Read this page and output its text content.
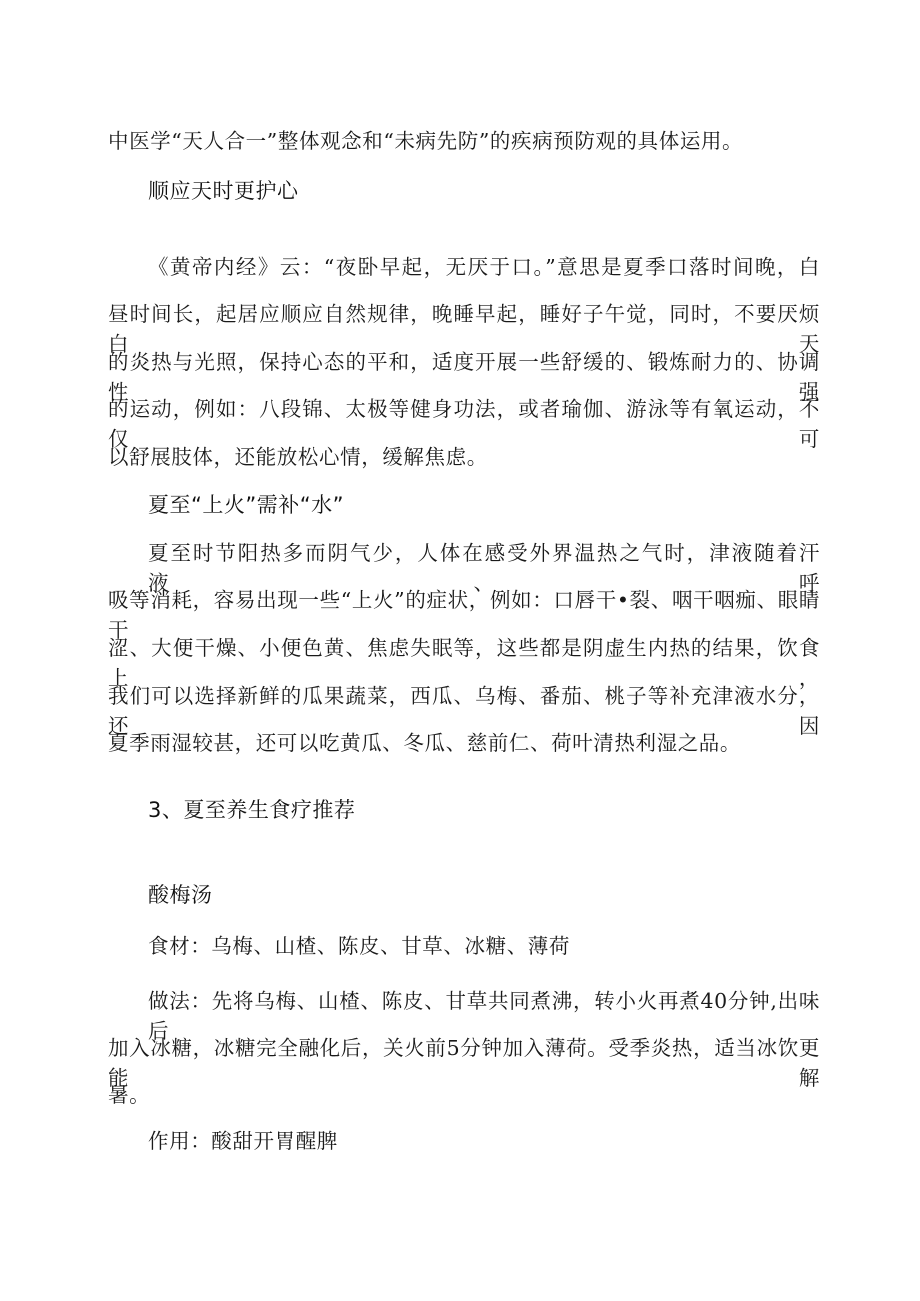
中医学“天人合一”整体观念和“未病先防”的疾病预防观的具体运用。
顺应天时更护心
《黄帝内经》云：“夜卧早起，无厌于口。”意思是夏季口落时间晚，白
昼时间长，起居应顺应自然规律，晚睡早起，睡好子午觉，同时，不要厌烦白天
的炎热与光照，保持心态的平和，适度开展一些舒缓的、锻炼耐力的、协调性强
的运动，例如：八段锦、太极等健身功法，或者瑜伽、游泳等有氧运动，不仅可
以舒展肢体，还能放松心情，缓解焦虑。
夏至“上火”需补“水”
夏至时节阳热多而阴气少，人体在感受外界温热之气时，津液随着汗液、呼
吸等消耗，容易出现一些“上火”的症状，例如：口唇干•裂、咽干咽痂、眼睛干
涩、大便干燥、小便色黄、焦虑失眠等，这些都是阴虚生内热的结果，饮食上，
我们可以选择新鲜的瓜果蔬菜，西瓜、乌梅、番茄、桃子等补充津液水分，还因
夏季雨湿较甚，还可以吃黄瓜、冬瓜、慈前仁、荷叶清热利湿之品。
3、夏至养生食疗推荐
酸梅汤
食材：乌梅、山楂、陈皮、甘草、冰糖、薄荷
做法：先将乌梅、山楂、陈皮、甘草共同煮沸，转小火再煮40分钟,出味后
加入冰糖，冰糖完全融化后，关火前5分钟加入薄荷。受季炎热，适当冰饮更能解
暑。
作用：酸甜开胃醒脾
